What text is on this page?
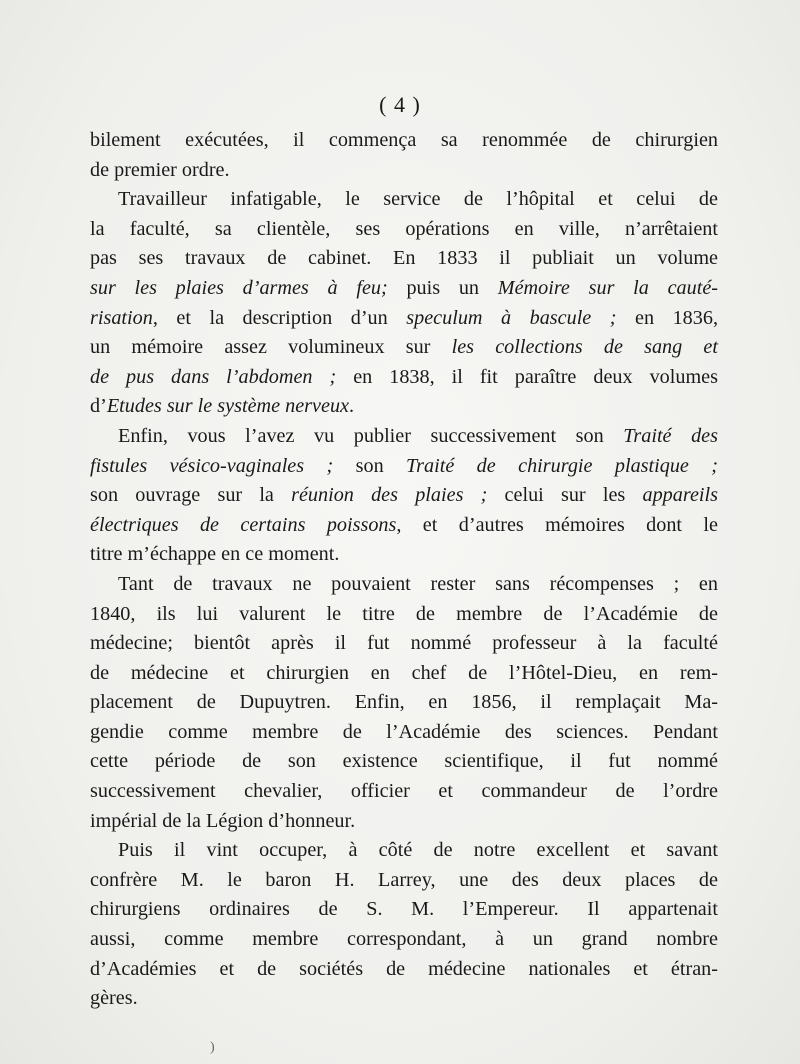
( 4 )
bilement exécutées, il commença sa renommée de chirurgien
de premier ordre.
Travailleur infatigable, le service de l’hôpital et celui de
la faculté, sa clientèle, ses opérations en ville, n’arrêtaient
pas ses travaux de cabinet. En 1833 il publiait un volume
sur les plaies d’armes à feu; puis un Mémoire sur la cauté-
risation, et la description d’un speculum à bascule ; en 1836,
un mémoire assez volumineux sur les collections de sang et
de pus dans l’abdomen ; en 1838, il fit paraître deux volumes
d’Etudes sur le système nerveux.
Enfin, vous l’avez vu publier successivement son Traité des
fistules vésico-vaginales ; son Traité de chirurgie plastique ;
son ouvrage sur la réunion des plaies ; celui sur les appareils
électriques de certains poissons, et d’autres mémoires dont le
titre m’échappe en ce moment.
Tant de travaux ne pouvaient rester sans récompenses ; en
1840, ils lui valurent le titre de membre de l’Académie de
médecine; bientôt après il fut nommé professeur à la faculté
de médecine et chirurgien en chef de l’Hôtel-Dieu, en rem-
placement de Dupuytren. Enfin, en 1856, il remplaçait Ma-
gendie comme membre de l’Académie des sciences. Pendant
cette période de son existence scientifique, il fut nommé
successivement chevalier, officier et commandeur de l’ordre
impérial de la Légion d’honneur.
Puis il vint occuper, à côté de notre excellent et savant
confrère M. le baron H. Larrey, une des deux places de
chirurgiens ordinaires de S. M. l’Empereur. Il appartenait
aussi, comme membre correspondant, à un grand nombre
d’Académies et de sociétés de médecine nationales et étran-
gères.
)
